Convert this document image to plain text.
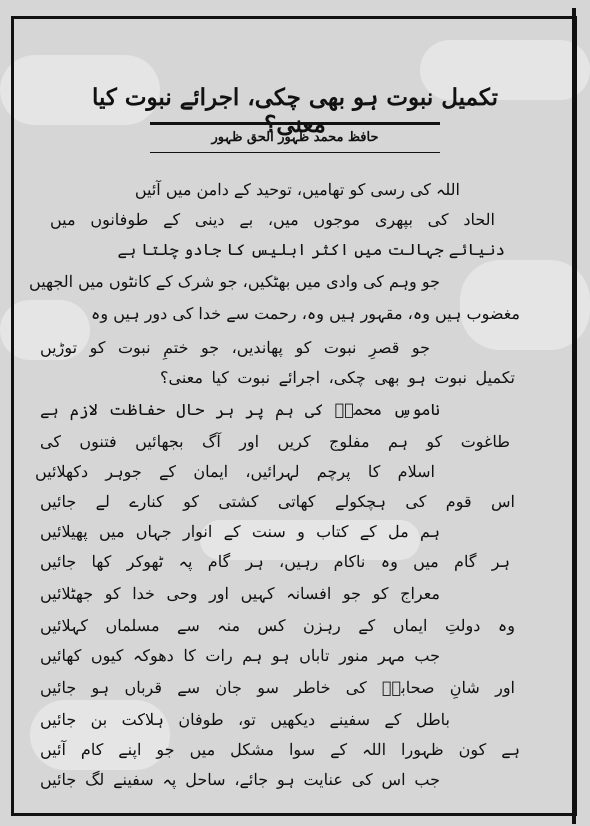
تکمیل نبوت ہو بھی چکی، اجرائے نبوت کیا
حافظ محمد ظہور الحق ظہور
اللہ کی رسی کو تھامیں، توحید کے دامن میں آئیں
الحاد کی بپھری موجوں میں، بے دینی کے طوفانوں میں
دنیائے جہالت میں اکثر ابلیس کا جادو چلتا ہے
جو وہم کی وادی میں بھٹکیں، جو شرک کے کانٹوں میں الجھیں
مغضوب ہیں وہ، مقہور ہیں وہ، رحمت سے خدا کی دور ہیں وہ
جو قصرِ نبوت کو پھاندیں، جو ختمِ نبوت کو توڑیں
تکمیل نبوت ہو بھی چکی، اجرائے نبوت کیا معنی؟
ناموسِ محمدؐ کی ہم پر ہر حال حفاظت لازم ہے
طاغوت کو ہم مفلوج کریں اور آگ بجھائیں فتنوں کی
اسلام کا پرچم لہرائیں، ایمان کے جوہر دکھلائیں
اس قوم کی ہچکولے کھاتی کشتی کو کنارے لے جائیں
ہم مل کے کتاب و سنت کے انوار جہاں میں پھیلائیں
ہر گام میں وہ ناکام رہیں، ہر گام پہ ٹھوکر کھا جائیں
معراج کو جو افسانہ کہیں اور وحی خدا کو جھٹلائیں
وہ دولتِ ایماں کے رہزن کس منہ سے مسلماں کہلائیں
جب مہر منور تاباں ہو ہم رات کا دھوکہ کیوں کھائیں
اور شانِ صحابہؓ کی خاطر سو جان سے قرباں ہو جائیں
باطل کے سفینے دیکھیں تو، طوفان ہلاکت بن جائیں
ہے کون ظہورا اللہ کے سوا مشکل میں جو اپنے کام آئیں
جب اس کی عنایت ہو جائے، ساحل پہ سفینے لگ جائیں
